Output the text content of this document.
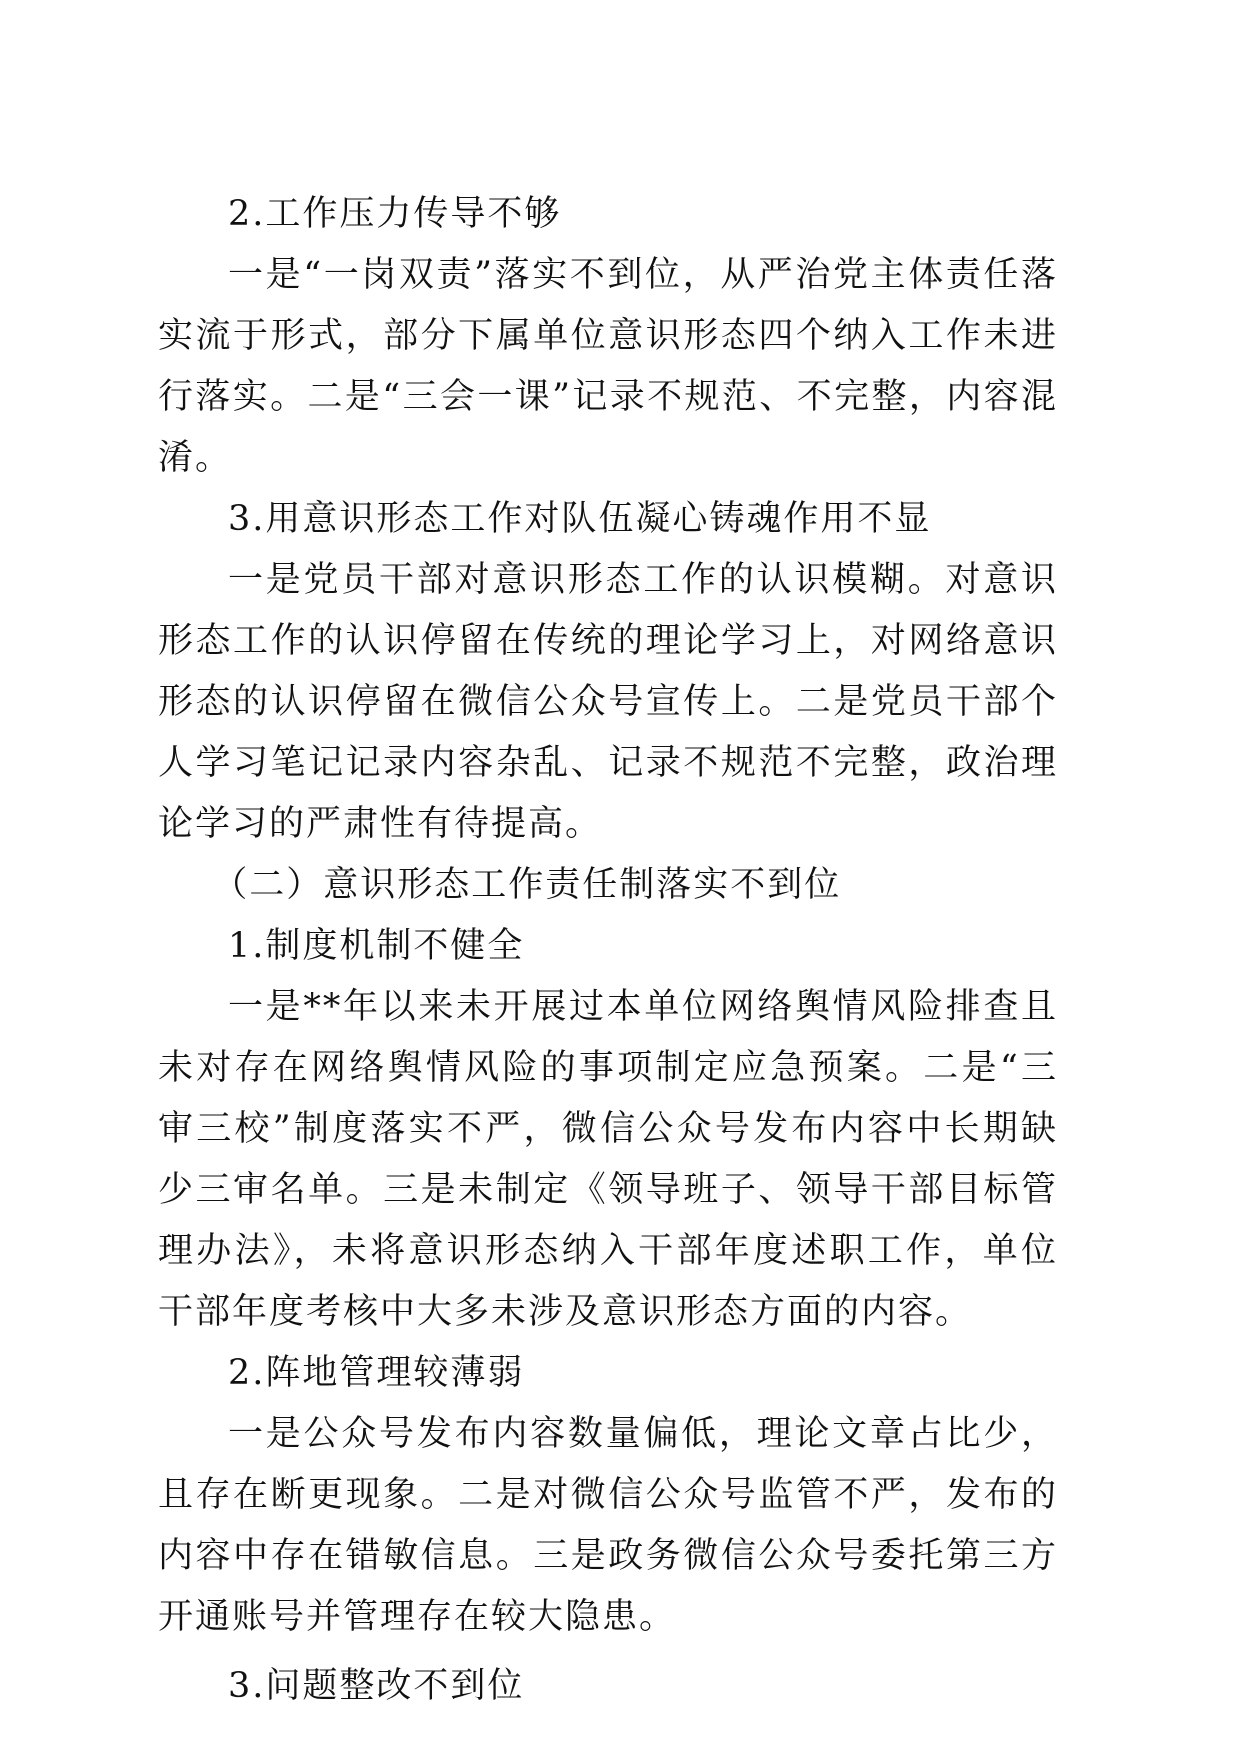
2.工作压力传导不够

一是“一岗双责”落实不到位，从严治党主体责任落实流于形式，部分下属单位意识形态四个纳入工作未进行落实。二是“三会一课”记录不规范、不完整，内容混淆。

3.用意识形态工作对队伍凝心铸魂作用不显

一是党员干部对意识形态工作的认识模糊。对意识形态工作的认识停留在传统的理论学习上，对网络意识形态的认识停留在微信公众号宣传上。二是党员干部个人学习笔记记录内容杂乱、记录不规范不完整，政治理论学习的严肃性有待提高。

（二）意识形态工作责任制落实不到位

1.制度机制不健全

一是**年以来未开展过本单位网络舆情风险排查且未对存在网络舆情风险的事项制定应急预案。二是“三审三校”制度落实不严，微信公众号发布内容中长期缺少三审名单。三是未制定《领导班子、领导干部目标管理办法》，未将意识形态纳入干部年度述职工作，单位干部年度考核中大多未涉及意识形态方面的内容。

2.阵地管理较薄弱

一是公众号发布内容数量偏低，理论文章占比少，且存在断更现象。二是对微信公众号监管不严，发布的内容中存在错敏信息。三是政务微信公众号委托第三方开通账号并管理存在较大隐患。

3.问题整改不到位
